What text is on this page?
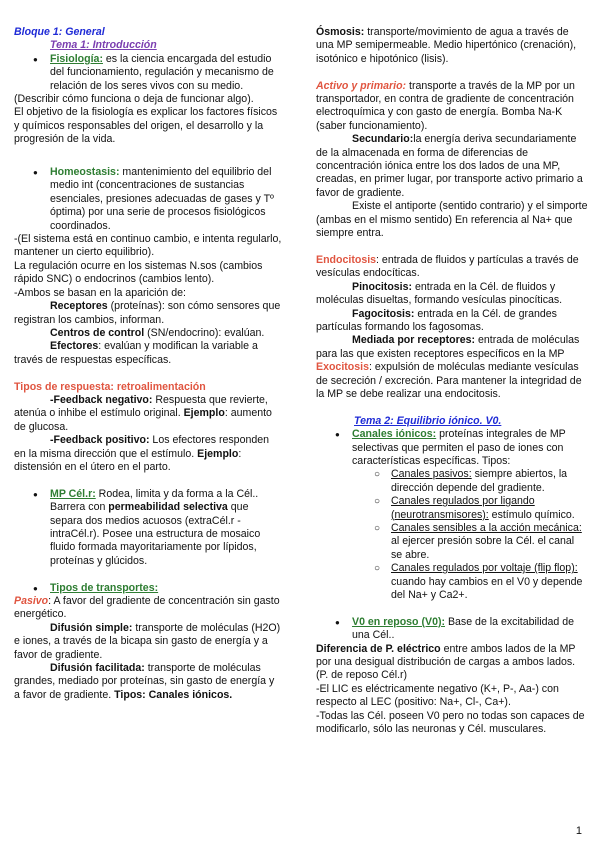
Bloque 1: General

Tema 1: Introducción

● Fisiología: es la ciencia encargada del estudio del funcionamiento, regulación y mecanismo de relación de los seres vivos con su medio.

(Describir cómo funciona o deja de funcionar algo).

El objetivo de la fisiología es explicar los factores físicos y químicos responsables del origen, el desarrollo y la progresión de la vida.

● Homeostasis: mantenimiento del equilibrio del medio int (concentraciones de sustancias esenciales, presiones adecuadas de gases y Tº óptima) por una serie de procesos fisiológicos coordinados.

-(El sistema está en continuo cambio, e intenta regularlo, mantener un cierto equilibrio).

La regulación ocurre en los sistemas N.sos (cambios rápido SNC) o endocrinos (cambios lento).

-Ambos se basan en la aparición de:

Receptores (proteínas): son cómo sensores que registran los cambios, informan.

Centros de control (SN/endocrino): evalúan.

Efectores: evalúan y modifican la variable a través de respuestas específicas.

Tipos de respuesta: retroalimentación

-Feedback negativo: Respuesta que revierte, atenúa o inhibe el estímulo original. Ejemplo: aumento de glucosa.

-Feedback positivo: Los efectores responden en la misma dirección que el estímulo. Ejemplo: distensión en el útero en el parto.

● MP Cél.r: Rodea, limita y da forma a la Cél.. Barrera con permeabilidad selectiva que separa dos medios acuosos (extraCél.r - intraCél.r). Posee una estructura de mosaico fluido formada mayoritariamente por lípidos, proteínas y glúcidos.

● Tipos de transportes:

Pasivo: A favor del gradiente de concentración sin gasto energético.

Difusión simple: transporte de moléculas (H2O) e iones, a través de la bicapa sin gasto de energía y a favor de gradiente.

Difusión facilitada: transporte de moléculas grandes, mediado por proteínas, sin gasto de energía y a favor de gradiente. Tipos: Canales iónicos.

Ósmosis: transporte/movimiento de agua a través de una MP semipermeable. Medio hipertónico (crenación), isotónico e hipotónico (lisis).

Activo y primario: transporte a través de la MP por un transportador, en contra de gradiente de concentración electroquímica y con gasto de energía. Bomba Na-K (saber funcionamiento).

Secundario:la energía deriva secundariamente de la almacenada en forma de diferencias de concentración iónica entre los dos lados de una MP, creadas, en primer lugar, por transporte activo primario a favor de gradiente.

Existe el antiporte (sentido contrario) y el simporte (ambas en el mismo sentido) En referencia al Na+ que siempre entra.

Endocitosis: entrada de fluidos y partículas a través de vesículas endocíticas.

Pinocitosis: entrada en la Cél. de fluidos y moléculas disueltas, formando vesículas pinocíticas.

Fagocitosis: entrada en la Cél. de grandes partículas formando los fagosomas.

Mediada por receptores: entrada de moléculas para las que existen receptores específicos en la MP

Exocitosis: expulsión de moléculas mediante vesículas de secreción / excreción. Para mantener la integridad de la MP se debe realizar una endocitosis.

Tema 2: Equilibrio iónico. V0.

● Canales iónicos: proteínas integrales de MP selectivas que permiten el paso de iones con características específicas. Tipos:

○ Canales pasivos: siempre abiertos, la dirección depende del gradiente.

○ Canales regulados por ligando (neurotransmisores): estímulo químico.

○ Canales sensibles a la acción mecánica: al ejercer presión sobre la Cél. el canal se abre.

○ Canales regulados por voltaje (flip flop): cuando hay cambios en el V0 y depende del Na+ y Ca2+.

● V0 en reposo (V0): Base de la excitabilidad de una Cél..

Diferencia de P. eléctrico entre ambos lados de la MP por una desigual distribución de cargas a ambos lados. (P. de reposo Cél.r)

-El LIC es eléctricamente negativo (K+, P-, Aa-) con respecto al LEC (positivo: Na+, Cl-, Ca+).

-Todas las Cél. poseen V0 pero no todas son capaces de modificarlo, sólo las neuronas y Cél. musculares.

1
